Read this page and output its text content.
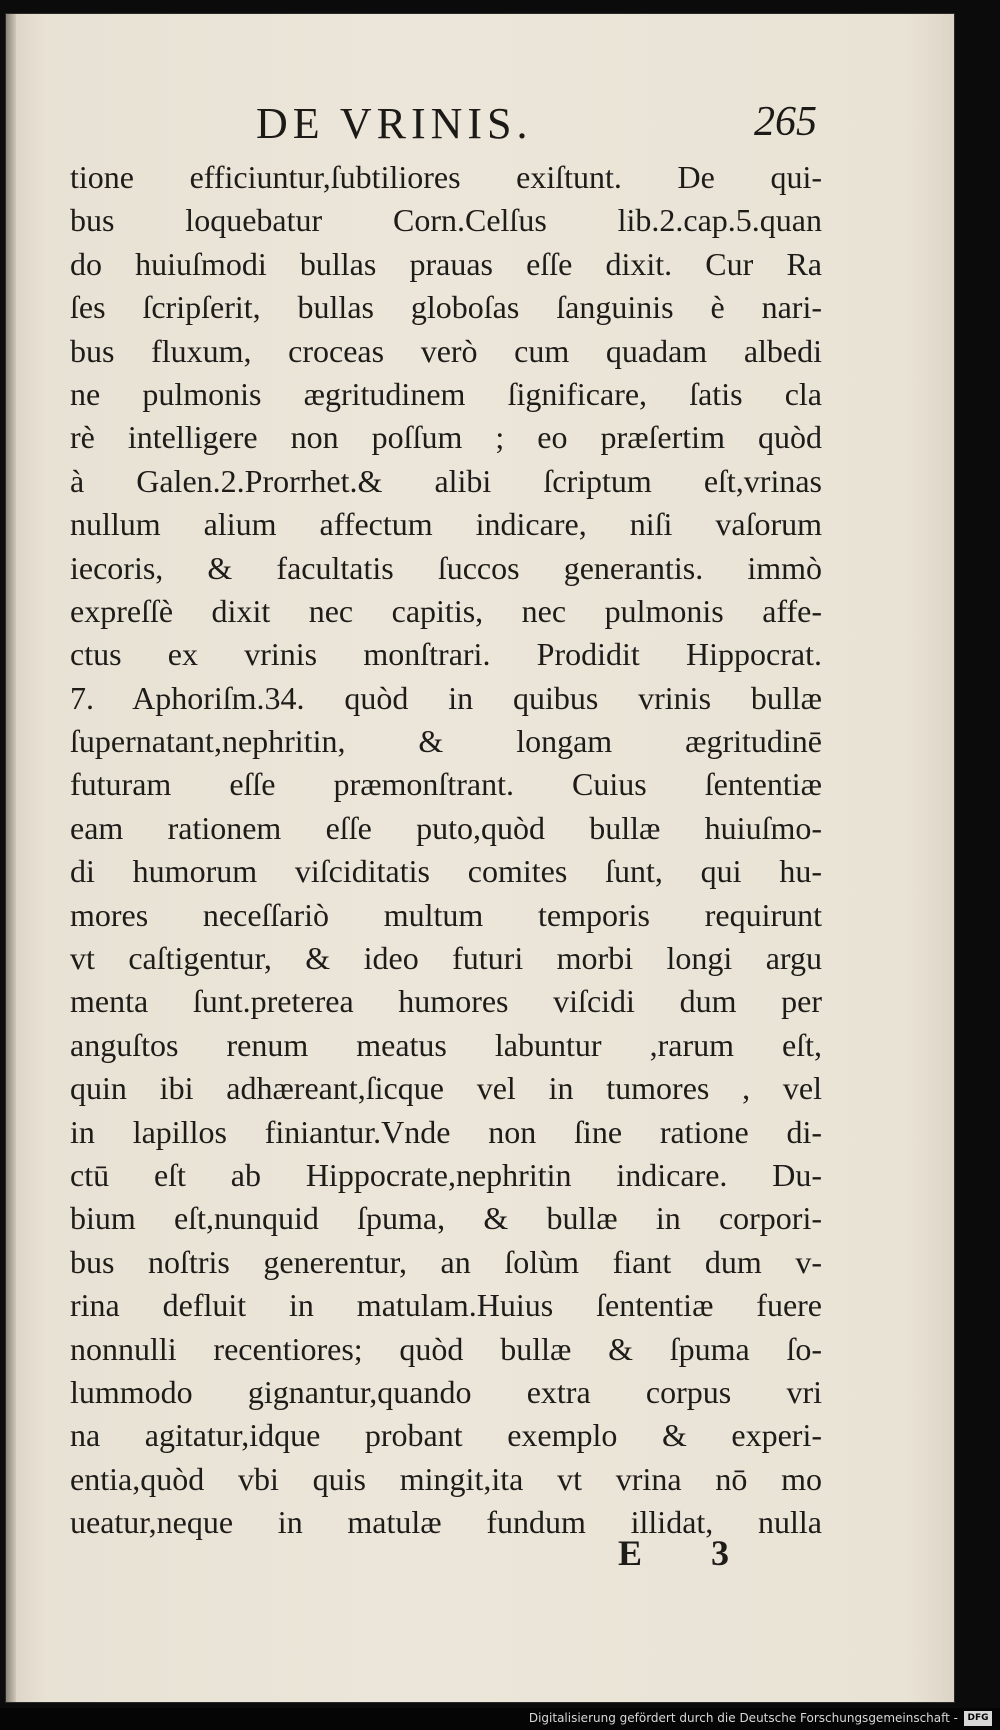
DE VRINIS.	265
tione efficiuntur,ſubtiliores exiſtunt. De qui-
bus loquebatur Corn.Celſus lib.2.cap.5.quan
do huiuſmodi bullas prauas eſſe dixit. Cur Ra
ſes ſcripſerit, bullas globoſas ſanguinis è nari-
bus fluxum, croceas verò cum quadam albedi
ne pulmonis ægritudinem ſignificare, ſatis cla
rè intelligere non poſſum ; eo præſertim quòd
à Galen.2.Prorrhet.& alibi ſcriptum eſt,vrinas
nullum alium affectum indicare, niſi vaſorum
iecoris, & facultatis ſuccos generantis. immò
expreſſè dixit nec capitis, nec pulmonis affe-
ctus ex vrinis monſtrari. Prodidit Hippocrat.
7. Aphoriſm.34. quòd in quibus vrinis bullæ
ſupernatant,nephritin, & longam ægritudinē
futuram eſſe præmonſtrant. Cuius ſententiæ
eam rationem eſſe puto,quòd bullæ huiuſmo-
di humorum viſciditatis comites ſunt, qui hu-
mores neceſſariò multum temporis requirunt
vt caſtigentur, & ideo futuri morbi longi argu
menta ſunt.preterea humores viſcidi dum per
anguſtos renum meatus labuntur ,rarum eſt,
quin ibi adhæreant,ſicque vel in tumores , vel
in lapillos finiantur.Vnde non ſine ratione di-
ctū eſt ab Hippocrate,nephritin indicare. Du-
bium eſt,nunquid ſpuma, & bullæ in corpori-
bus noſtris generentur, an ſolùm fiant dum v-
rina defluit in matulam.Huius ſententiæ fuere
nonnulli recentiores; quòd bullæ & ſpuma ſo-
lummodo gignantur,quando extra corpus vri
na agitatur,idque probant exemplo & experi-
entia,quòd vbi quis mingit,ita vt vrina nō mo
ueatur,neque in matulæ fundum illidat, nulla
E 3
Digitalisierung gefördert durch die Deutsche Forschungsgemeinschaft -	DFG
